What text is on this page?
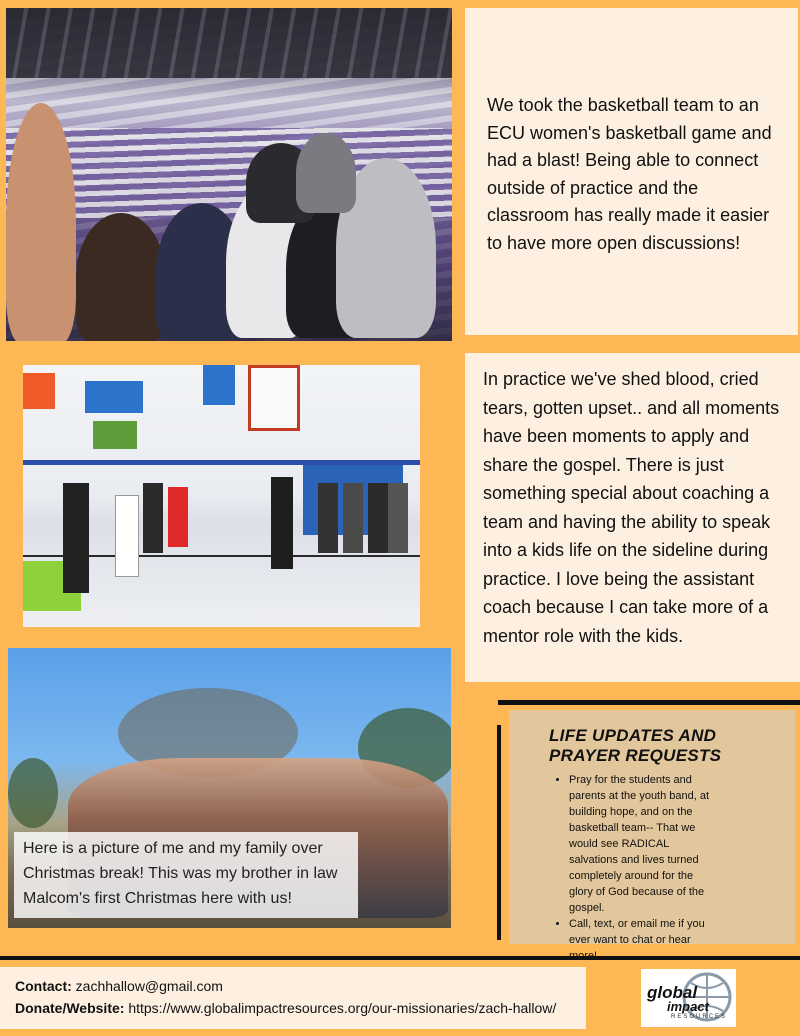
We took the basketball team to an ECU women's basketball game and had a blast! Being able to connect outside of practice and the classroom has really made it easier to have more open discussions!
In practice we've shed blood, cried tears, gotten upset.. and all moments have been moments to apply and share the gospel. There is just something special about coaching a team and having the ability to speak into a kids life on the sideline during practice. I love being the assistant coach because I can take more of a mentor role with the kids.
Here is a picture of me and my family over Christmas break! This was my brother in law Malcom's first Christmas here with us!
LIFE UPDATES AND
PRAYER REQUESTS
• Pray for the students and parents at the youth band, at building hope, and on the basketball team-- That we would see RADICAL salvations and lives turned completely around for the glory of God because of the gospel.
• Call, text, or email me if you ever want to chat or hear
Contact: zachhallow@gmail.com
Donate/Website: https://www.globalimpactresources.org/our-missionaries/zach-hallow/
global
impact
RESOURCES
